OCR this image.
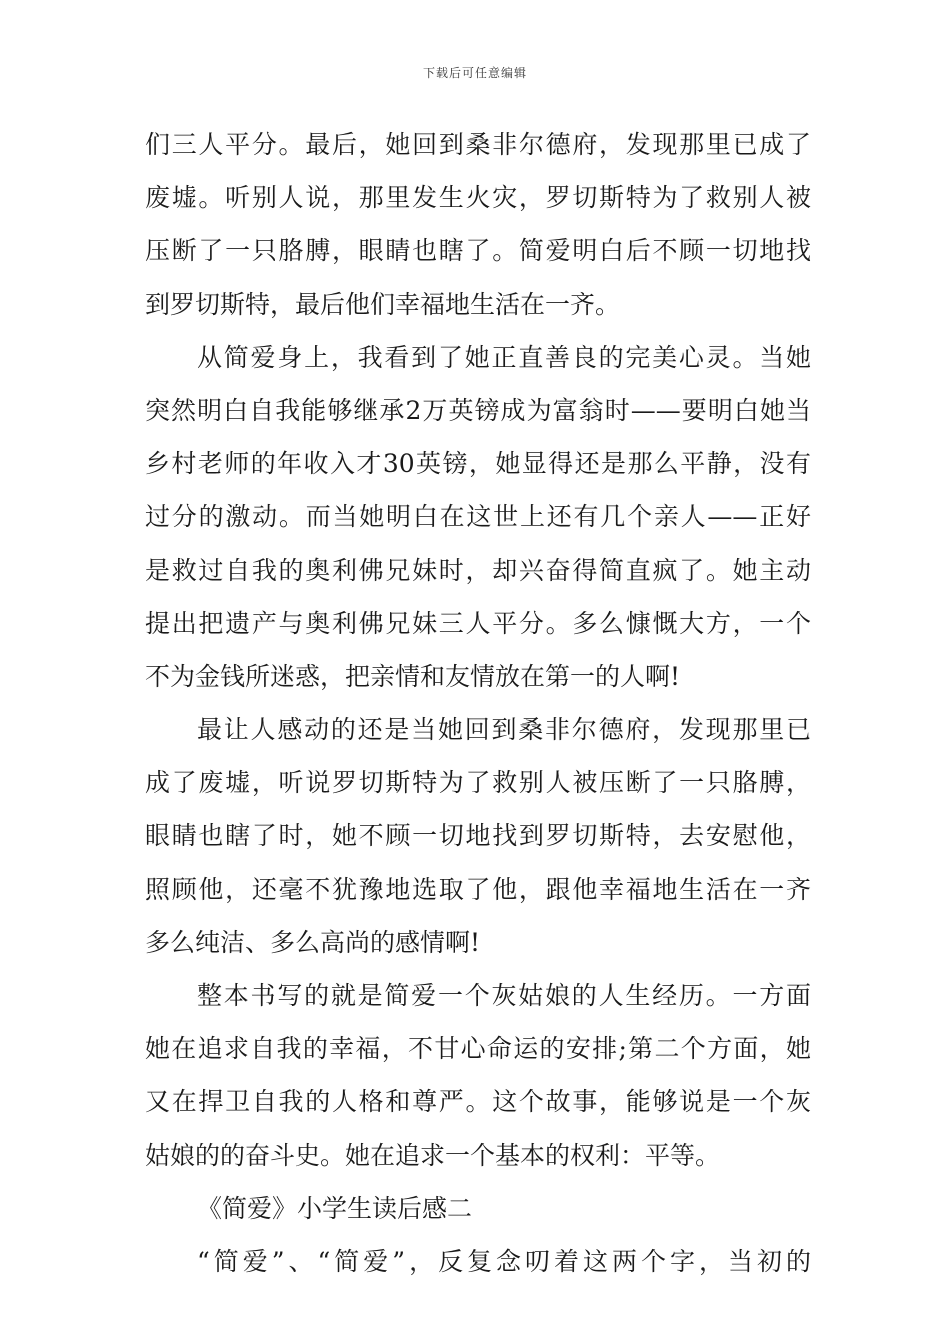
下载后可任意编辑
们三人平分。最后，她回到桑非尔德府，发现那里已成了
废墟。听别人说，那里发生火灾，罗切斯特为了救别人被
压断了一只胳膊，眼睛也瞎了。简爱明白后不顾一切地找
到罗切斯特，最后他们幸福地生活在一齐。
从简爱身上，我看到了她正直善良的完美心灵。当她
突然明白自我能够继承2万英镑成为富翁时——要明白她当
乡村老师的年收入才30英镑，她显得还是那么平静，没有
过分的激动。而当她明白在这世上还有几个亲人——正好
是救过自我的奥利佛兄妹时，却兴奋得简直疯了。她主动
提出把遗产与奥利佛兄妹三人平分。多么慷慨大方，一个
不为金钱所迷惑，把亲情和友情放在第一的人啊!
最让人感动的还是当她回到桑非尔德府，发现那里已
成了废墟，听说罗切斯特为了救别人被压断了一只胳膊，
眼睛也瞎了时，她不顾一切地找到罗切斯特，去安慰他，
照顾他，还毫不犹豫地选取了他，跟他幸福地生活在一齐
多么纯洁、多么高尚的感情啊!
整本书写的就是简爱一个灰姑娘的人生经历。一方面
她在追求自我的幸福，不甘心命运的安排;第二个方面，她
又在捍卫自我的人格和尊严。这个故事，能够说是一个灰
姑娘的的奋斗史。她在追求一个基本的权利：平等。
《简爱》小学生读后感二
“简爱”、“简爱”，反复念叨着这两个字，当初的
